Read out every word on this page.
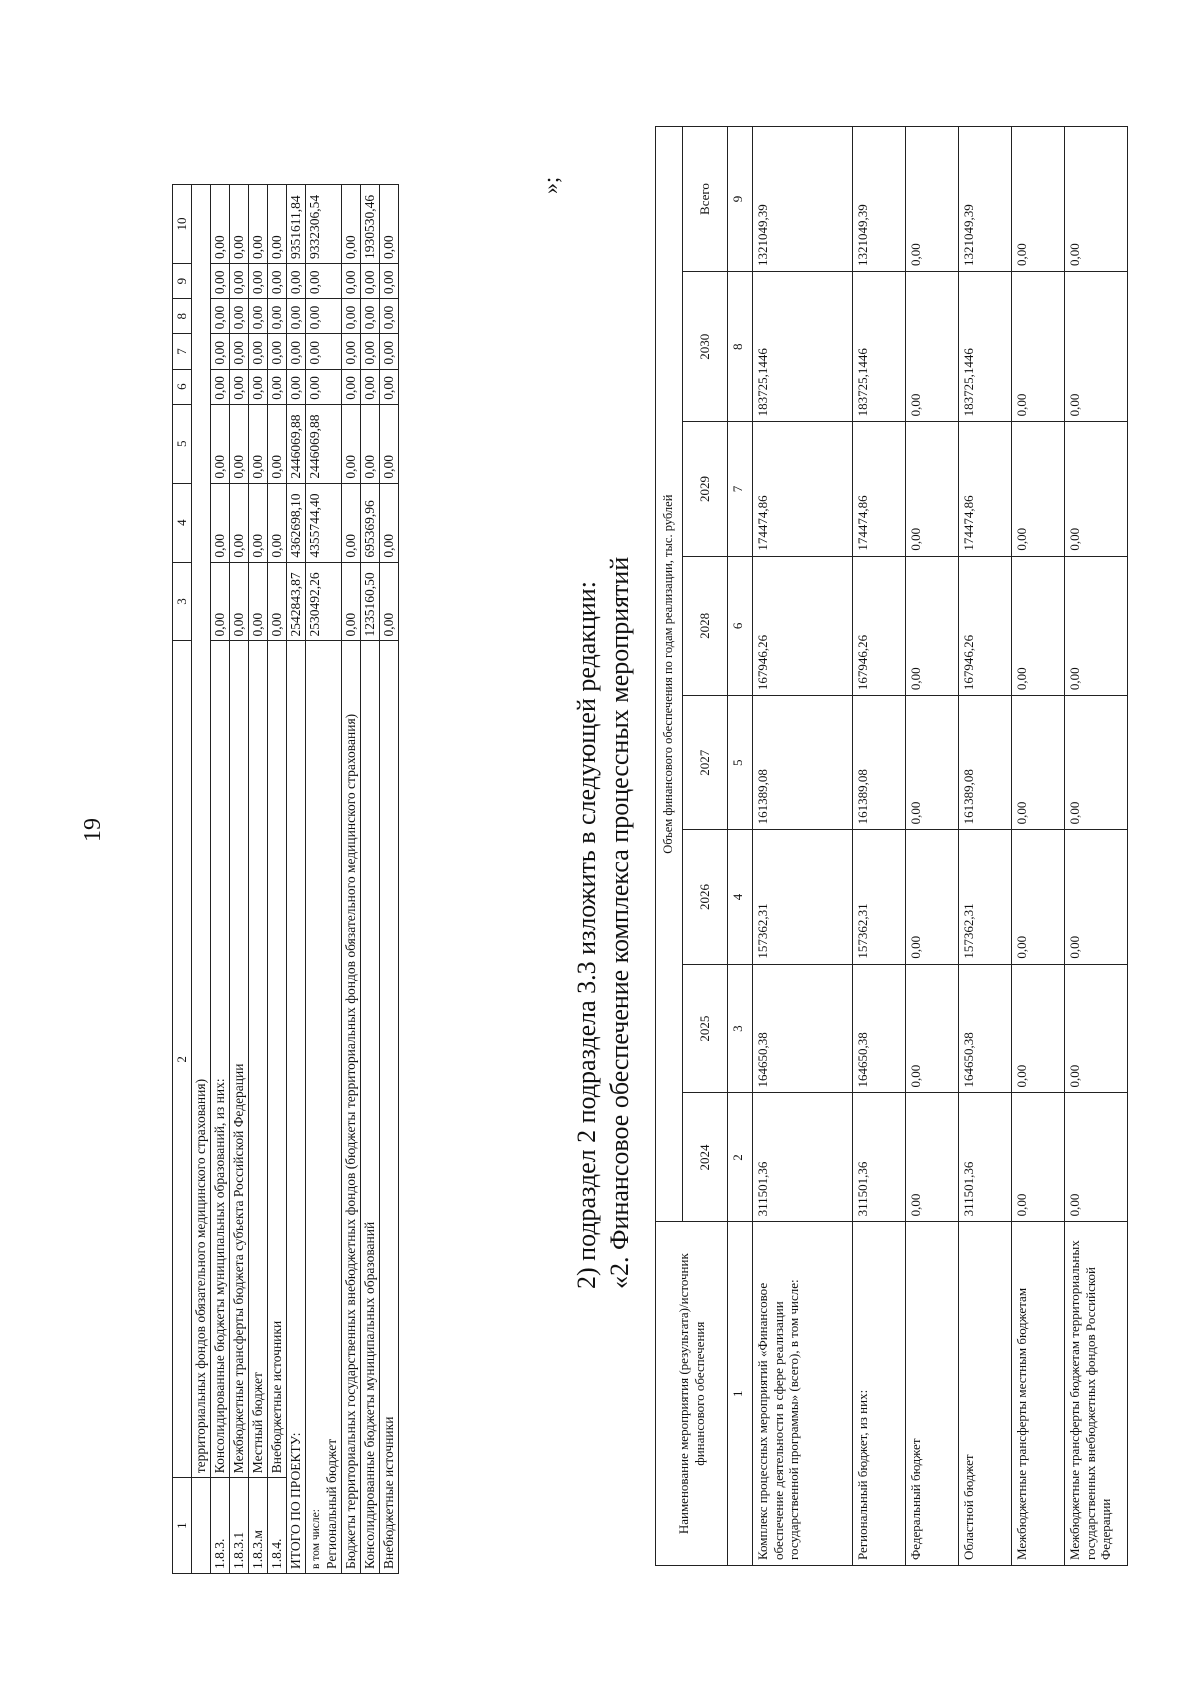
19
1	2	3	4	5	6	7	8	9	10
	территориальных фондов обязательного медицинского страхования)								
1.8.3.	Консолидированные бюджеты муниципальных образований, из них:	0,00	0,00	0,00	0,00	0,00	0,00	0,00	0,00
1.8.3.1	Межбюджетные трансферты бюджета субъекта Российской Федерации	0,00	0,00	0,00	0,00	0,00	0,00	0,00	0,00
1.8.3.м	Местный бюджет	0,00	0,00	0,00	0,00	0,00	0,00	0,00	0,00
1.8.4.	Внебюджетные источники	0,00	0,00	0,00	0,00	0,00	0,00	0,00	0,00
ИТОГО ПО ПРОЕКТУ:		2542843,87	4362698,10	2446069,88	0,00	0,00	0,00	0,00	9351611,84
в том числе: Региональный бюджет		2530492,26	4355744,40	2446069,88	0,00	0,00	0,00	0,00	9332306,54
Бюджеты территориальных государственных внебюджетных фондов (бюджеты территориальных фондов обязательного медицинского страхования)		0,00	0,00	0,00	0,00	0,00	0,00	0,00	0,00
Консолидированные бюджеты муниципальных образований		1235160,50	695369,96	0,00	0,00	0,00	0,00	0,00	1930530,46
Внебюджетные источники		0,00	0,00	0,00	0,00	0,00	0,00	0,00	0,00
»;
2) подраздел 2 подраздела 3.3 изложить в следующей редакции: «2. Финансовое обеспечение комплекса процессных мероприятий
Наименование мероприятия (результата)/источник финансового обеспечения	Объем финансового обеспечения по годам реализации, тыс. рублей							
	2024	2025	2026	2027	2028	2029	2030	Всего
1	2	3	4	5	6	7	8	9
Комплекс процессных мероприятий «Финансовое обеспечение деятельности в сфере реализации государственной программы» (всего), в том числе:	311501,36	164650,38	157362,31	161389,08	167946,26	174474,86	183725,1446	1321049,39
Региональный бюджет, из них:	311501,36	164650,38	157362,31	161389,08	167946,26	174474,86	183725,1446	1321049,39
Федеральный бюджет	0,00	0,00	0,00	0,00	0,00	0,00	0,00	0,00
Областной бюджет	311501,36	164650,38	157362,31	161389,08	167946,26	174474,86	183725,1446	1321049,39
Межбюджетные трансферты местным бюджетам	0,00	0,00	0,00	0,00	0,00	0,00	0,00	0,00
Межбюджетные трансферты бюджетам территориальных государственных внебюджетных фондов Российской Федерации	0,00	0,00	0,00	0,00	0,00	0,00	0,00	0,00
